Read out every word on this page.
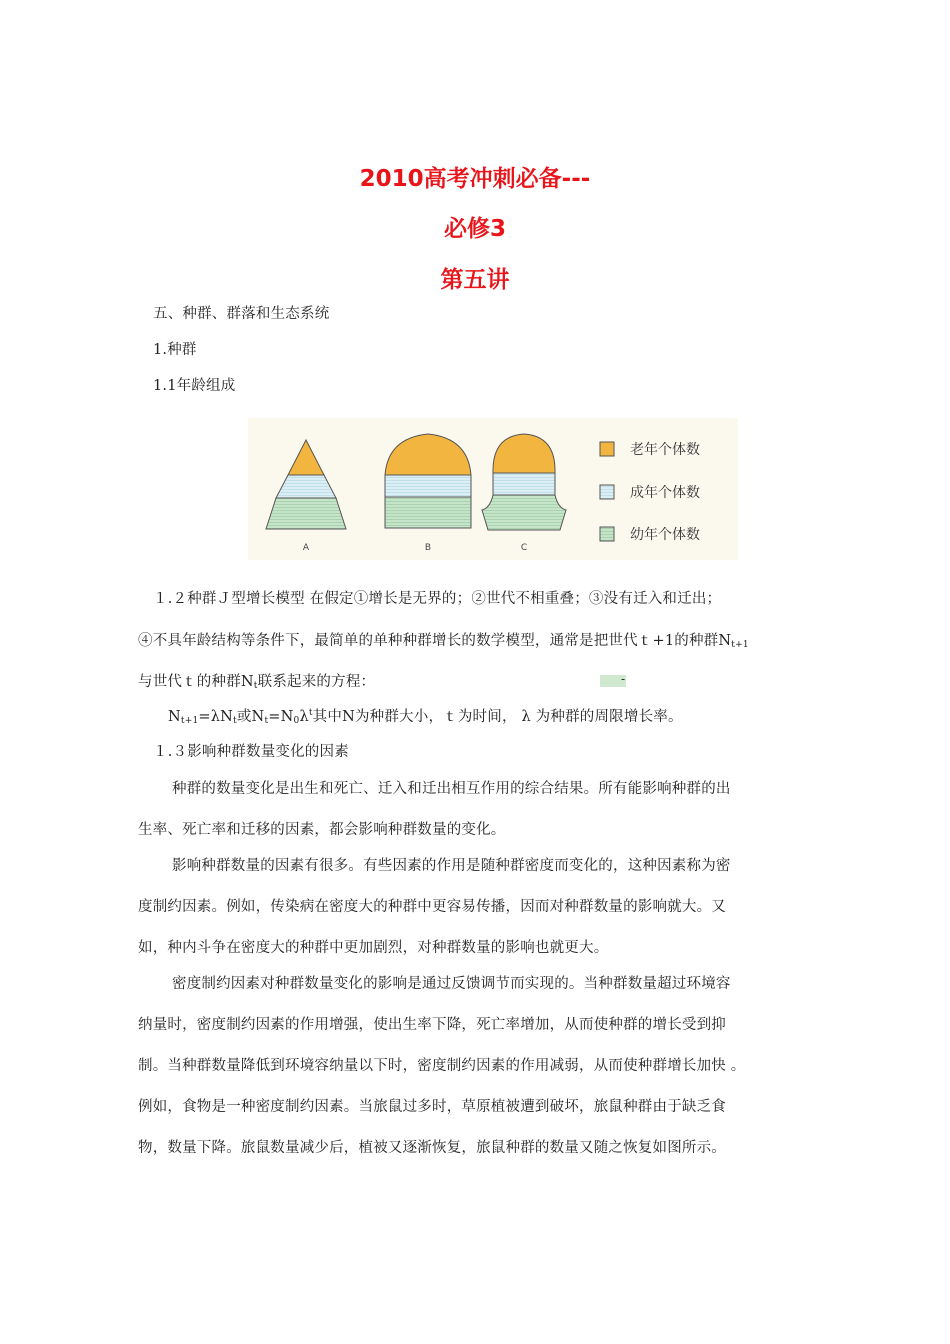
2010高考冲刺必备---
必修3
第五讲
五、种群、群落和生态系统
1.种群
1.1年龄组成
A	B	C
老年个体数
成年个体数
幼年个体数
１.２种群Ｊ型增长模型 在假定①增长是无界的；②世代不相重叠；③没有迁入和迁出；
④不具年龄结构等条件下，最简单的单种种群增长的数学模型，通常是把世代ｔ+1的种群$N_{t+1}$
与世代ｔ的种群$N_t$联系起来的方程：	-
$N_{t+1}=\lambda N_t$或$N_t=N_0\lambda^t$其中N为种群大小，ｔ为时间， λ 为种群的周限增长率。
１.３影响种群数量变化的因素
种群的数量变化是出生和死亡、迁入和迁出相互作用的综合结果。所有能影响种群的出
生率、死亡率和迁移的因素，都会影响种群数量的变化。
影响种群数量的因素有很多。有些因素的作用是随种群密度而变化的，这种因素称为密
度制约因素。例如，传染病在密度大的种群中更容易传播，因而对种群数量的影响就大。又
如，种内斗争在密度大的种群中更加剧烈，对种群数量的影响也就更大。
密度制约因素对种群数量变化的影响是通过反馈调节而实现的。当种群数量超过环境容
纳量时，密度制约因素的作用增强，使出生率下降，死亡率增加，从而使种群的增长受到抑
制。当种群数量降低到环境容纳量以下时，密度制约因素的作用减弱，从而使种群增长加快 。
例如，食物是一种密度制约因素。当旅鼠过多时，草原植被遭到破坏，旅鼠种群由于缺乏食
物，数量下降。旅鼠数量减少后，植被又逐渐恢复，旅鼠种群的数量又随之恢复如图所示。
